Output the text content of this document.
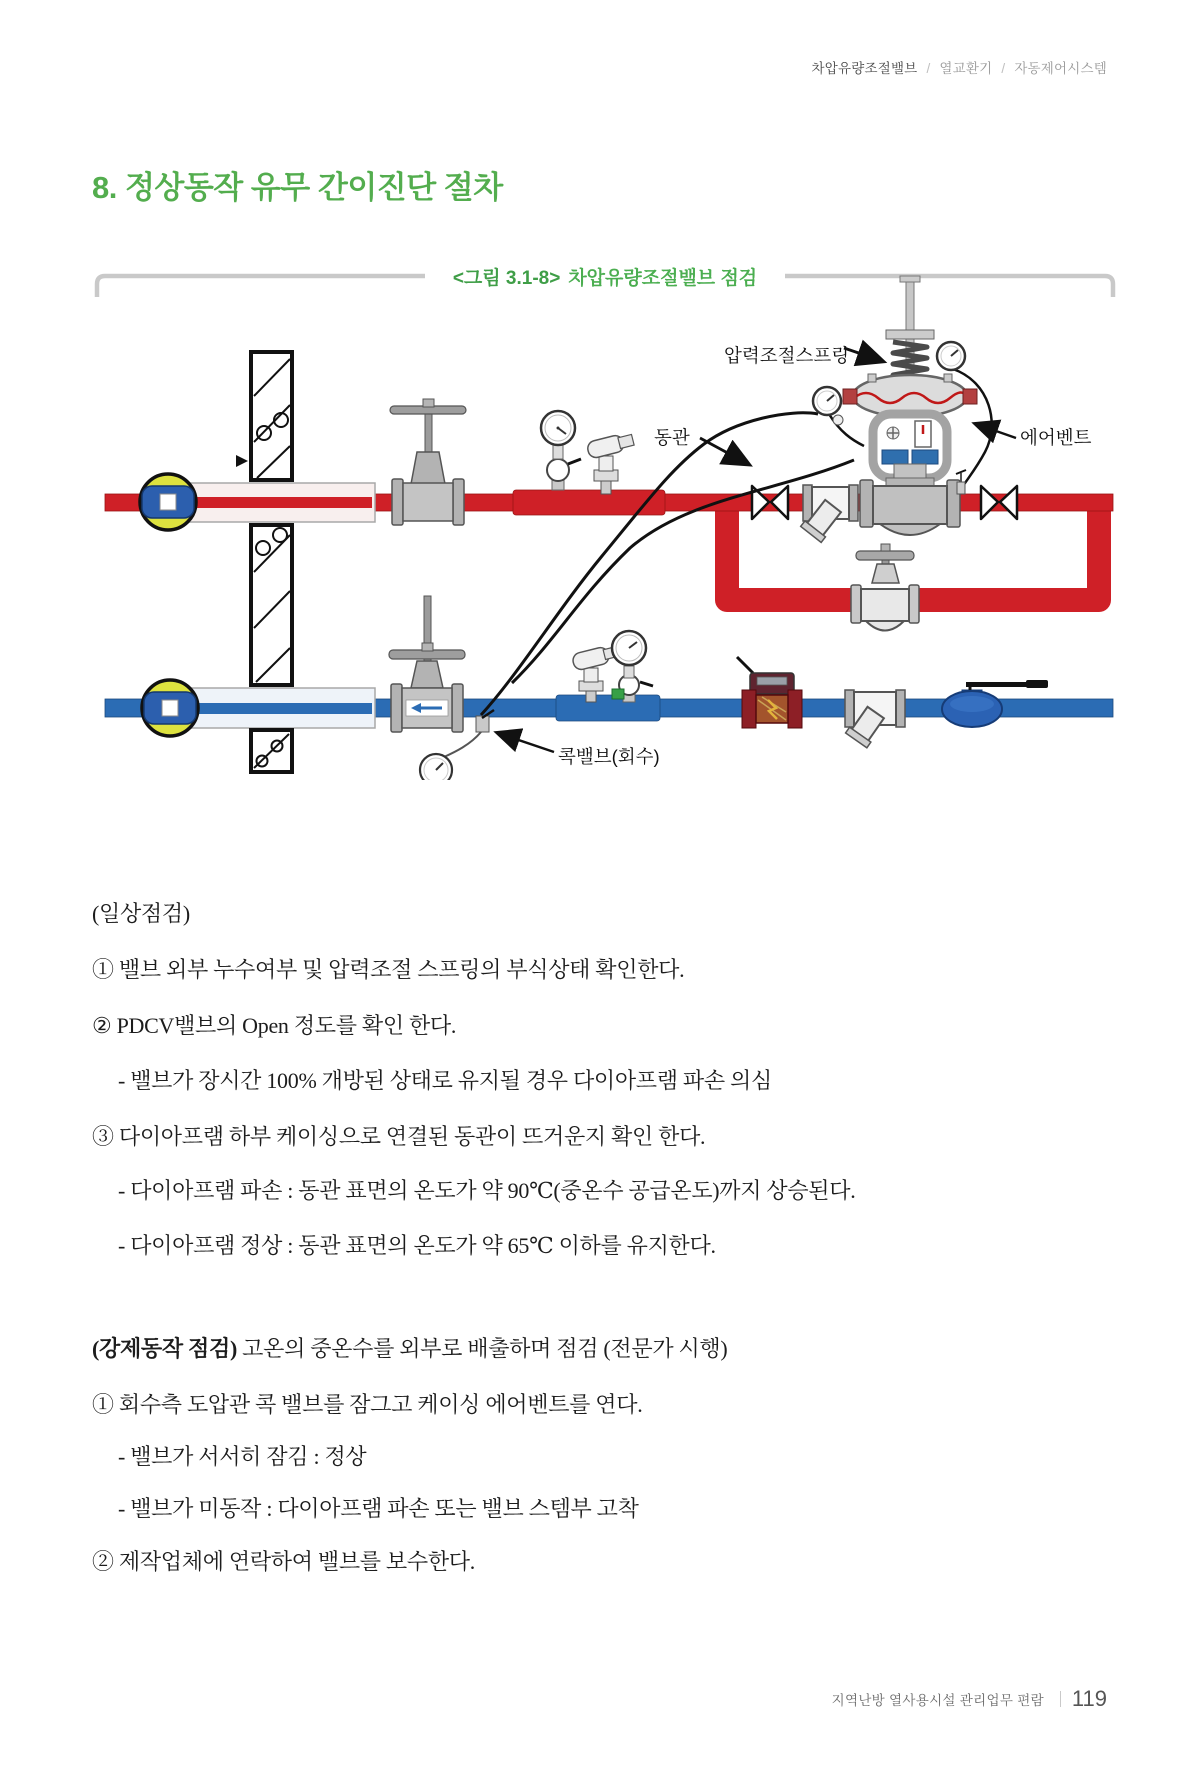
차압유량조절밸브 / 열교환기 / 자동제어시스템
8. 정상동작 유무 간이진단 절차
<그림 3.1-8> 차압유량조절밸브 점검
압력조절스프링
동관	에어벤트
콕밸브(회수)

(일상점검)

① 밸브 외부 누수여부 및 압력조절 스프링의 부식상태 확인한다.

② PDCV밸브의 Open 정도를 확인 한다.

- 밸브가 장시간 100% 개방된 상태로 유지될 경우 다이아프램 파손 의심

③ 다이아프램 하부 케이싱으로 연결된 동관이 뜨거운지 확인 한다.

- 다이아프램 파손 : 동관 표면의 온도가 약 90℃(중온수 공급온도)까지 상승된다.

- 다이아프램 정상 : 동관 표면의 온도가 약 65℃ 이하를 유지한다.

(강제동작 점검) 고온의 중온수를 외부로 배출하며 점검 (전문가 시행)

① 회수측 도압관 콕 밸브를 잠그고 케이싱 에어벤트를 연다.

- 밸브가 서서히 잠김 : 정상

- 밸브가 미동작 : 다이아프램 파손 또는 밸브 스템부 고착

② 제작업체에 연락하여 밸브를 보수한다.

지역난방 열사용시설 관리업무 편람 119
